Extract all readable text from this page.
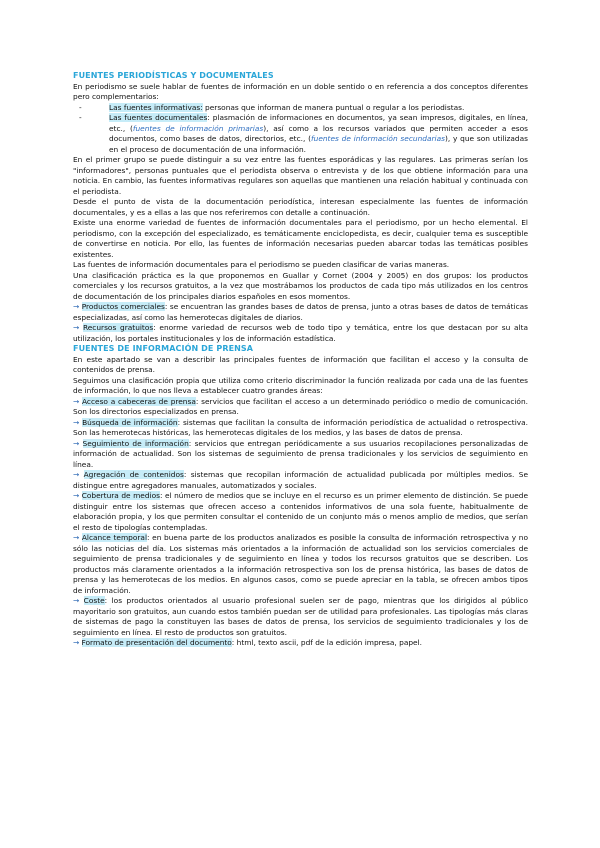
FUENTES PERIODÍSTICAS Y DOCUMENTALES

En periodismo se suele hablar de fuentes de información en un doble sentido o en referencia a dos conceptos diferentes pero complementarios:

- Las fuentes informativas: personas que informan de manera puntual o regular a los periodistas.
- Las fuentes documentales: plasmación de informaciones en documentos, ya sean impresos, digitales, en línea, etc., (fuentes de información primarias), así como a los recursos variados que permiten acceder a esos documentos, como bases de datos, directorios, etc., (fuentes de información secundarias), y que son utilizadas en el proceso de documentación de una información.

En el primer grupo se puede distinguir a su vez entre las fuentes esporádicas y las regulares. Las primeras serían los "informadores", personas puntuales que el periodista observa o entrevista y de los que obtiene información para una noticia. En cambio, las fuentes informativas regulares son aquellas que mantienen una relación habitual y continuada con el periodista.

Desde el punto de vista de la documentación periodística, interesan especialmente las fuentes de información documentales, y es a ellas a las que nos referiremos con detalle a continuación.

Existe una enorme variedad de fuentes de información documentales para el periodismo, por un hecho elemental. El periodismo, con la excepción del especializado, es temáticamente enciclopedista, es decir, cualquier tema es susceptible de convertirse en noticia. Por ello, las fuentes de información necesarias pueden abarcar todas las temáticas posibles existentes.

Las fuentes de información documentales para el periodismo se pueden clasificar de varias maneras.

Una clasificación práctica es la que proponemos en Guallar y Cornet (2004 y 2005) en dos grupos: los productos comerciales y los recursos gratuitos, a la vez que mostrábamos los productos de cada tipo más utilizados en los centros de documentación de los principales diarios españoles en esos momentos.

→ Productos comerciales: se encuentran las grandes bases de datos de prensa, junto a otras bases de datos de temáticas especializadas, así como las hemerotecas digitales de diarios.

→ Recursos gratuitos: enorme variedad de recursos web de todo tipo y temática, entre los que destacan por su alta utilización, los portales institucionales y los de información estadística.

FUENTES DE INFORMACIÓN DE PRENSA

En este apartado se van a describir las principales fuentes de información que facilitan el acceso y la consulta de contenidos de prensa.

Seguimos una clasificación propia que utiliza como criterio discriminador la función realizada por cada una de las fuentes de información, lo que nos lleva a establecer cuatro grandes áreas:

→ Acceso a cabeceras de prensa: servicios que facilitan el acceso a un determinado periódico o medio de comunicación. Son los directorios especializados en prensa.

→ Búsqueda de información: sistemas que facilitan la consulta de información periodística de actualidad o retrospectiva. Son las hemerotecas históricas, las hemerotecas digitales de los medios, y las bases de datos de prensa.

→ Seguimiento de información: servicios que entregan periódicamente a sus usuarios recopilaciones personalizadas de información de actualidad. Son los sistemas de seguimiento de prensa tradicionales y los servicios de seguimiento en línea.

→ Agregación de contenidos: sistemas que recopilan información de actualidad publicada por múltiples medios. Se distingue entre agregadores manuales, automatizados y sociales.

→ Cobertura de medios: el número de medios que se incluye en el recurso es un primer elemento de distinción. Se puede distinguir entre los sistemas que ofrecen acceso a contenidos informativos de una sola fuente, habitualmente de elaboración propia, y los que permiten consultar el contenido de un conjunto más o menos amplio de medios, que serían el resto de tipologías contempladas.

→ Alcance temporal: en buena parte de los productos analizados es posible la consulta de información retrospectiva y no sólo las noticias del día. Los sistemas más orientados a la información de actualidad son los servicios comerciales de seguimiento de prensa tradicionales y de seguimiento en línea y todos los recursos gratuitos que se describen. Los productos más claramente orientados a la información retrospectiva son los de prensa histórica, las bases de datos de prensa y las hemerotecas de los medios. En algunos casos, como se puede apreciar en la tabla, se ofrecen ambos tipos de información.

→ Coste: los productos orientados al usuario profesional suelen ser de pago, mientras que los dirigidos al público mayoritario son gratuitos, aun cuando estos también puedan ser de utilidad para profesionales. Las tipologías más claras de sistemas de pago la constituyen las bases de datos de prensa, los servicios de seguimiento tradicionales y los de seguimiento en línea. El resto de productos son gratuitos.

→ Formato de presentación del documento: html, texto ascii, pdf de la edición impresa, papel.
